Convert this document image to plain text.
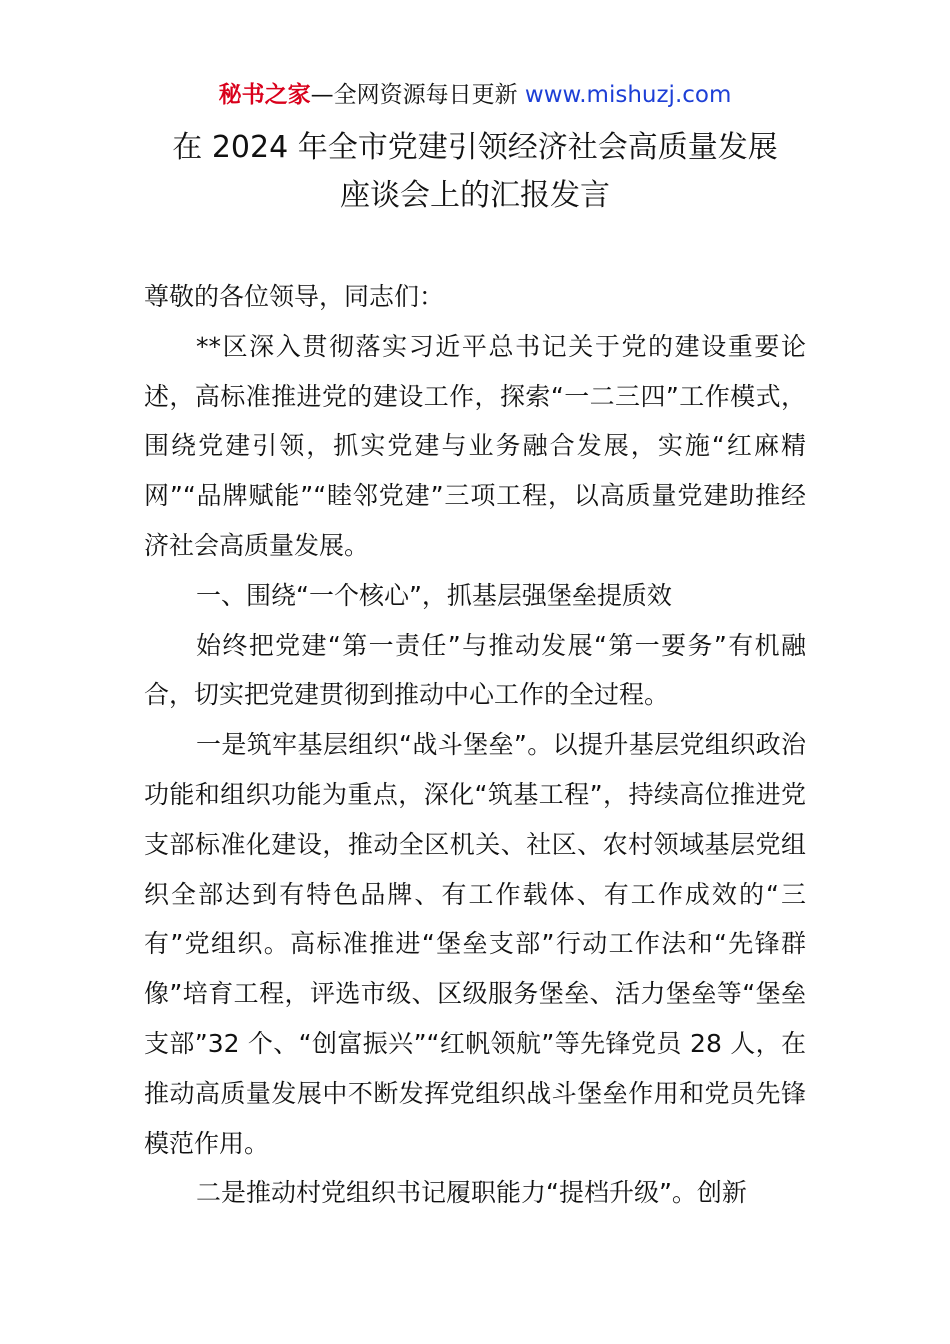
秘书之家—全网资源每日更新 www.mishuzj.com
在 2024 年全市党建引领经济社会高质量发展
座谈会上的汇报发言

尊敬的各位领导，同志们：

**区深入贯彻落实习近平总书记关于党的建设重要论述，高标准推进党的建设工作，探索“一二三四”工作模式，围绕党建引领，抓实党建与业务融合发展，实施“红麻精网”“品牌赋能”“睦邻党建”三项工程，以高质量党建助推经济社会高质量发展。

一、围绕“一个核心”，抓基层强堡垒提质效

始终把党建“第一责任”与推动发展“第一要务”有机融合，切实把党建贯彻到推动中心工作的全过程。

一是筑牢基层组织“战斗堡垒”。以提升基层党组织政治功能和组织功能为重点，深化“筑基工程”，持续高位推进党支部标准化建设，推动全区机关、社区、农村领域基层党组织全部达到有特色品牌、有工作载体、有工作成效的“三有”党组织。高标准推进“堡垒支部”行动工作法和“先锋群像”培育工程，评选市级、区级服务堡垒、活力堡垒等“堡垒支部”32 个、“创富振兴”“红帆领航”等先锋党员 28 人，在推动高质量发展中不断发挥党组织战斗堡垒作用和党员先锋模范作用。

二是推动村党组织书记履职能力“提档升级”。创新
